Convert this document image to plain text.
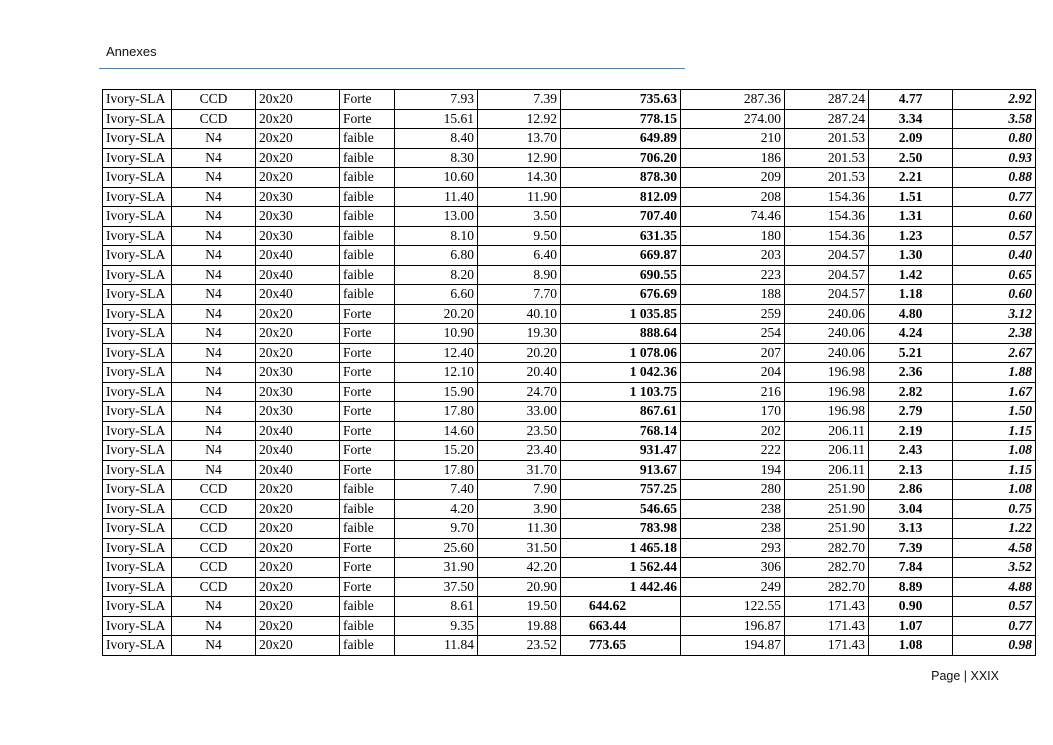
Annexes
Ivory-SLA	CCD	20x20	Forte	7.93	7.39	735.63	287.36	287.24	4.77	2.92
Ivory-SLA	CCD	20x20	Forte	15.61	12.92	778.15	274.00	287.24	3.34	3.58
Ivory-SLA	N4	20x20	faible	8.40	13.70	649.89	210	201.53	2.09	0.80
Ivory-SLA	N4	20x20	faible	8.30	12.90	706.20	186	201.53	2.50	0.93
Ivory-SLA	N4	20x20	faible	10.60	14.30	878.30	209	201.53	2.21	0.88
Ivory-SLA	N4	20x30	faible	11.40	11.90	812.09	208	154.36	1.51	0.77
Ivory-SLA	N4	20x30	faible	13.00	3.50	707.40	74.46	154.36	1.31	0.60
Ivory-SLA	N4	20x30	faible	8.10	9.50	631.35	180	154.36	1.23	0.57
Ivory-SLA	N4	20x40	faible	6.80	6.40	669.87	203	204.57	1.30	0.40
Ivory-SLA	N4	20x40	faible	8.20	8.90	690.55	223	204.57	1.42	0.65
Ivory-SLA	N4	20x40	faible	6.60	7.70	676.69	188	204.57	1.18	0.60
Ivory-SLA	N4	20x20	Forte	20.20	40.10	1 035.85	259	240.06	4.80	3.12
Ivory-SLA	N4	20x20	Forte	10.90	19.30	888.64	254	240.06	4.24	2.38
Ivory-SLA	N4	20x20	Forte	12.40	20.20	1 078.06	207	240.06	5.21	2.67
Ivory-SLA	N4	20x30	Forte	12.10	20.40	1 042.36	204	196.98	2.36	1.88
Ivory-SLA	N4	20x30	Forte	15.90	24.70	1 103.75	216	196.98	2.82	1.67
Ivory-SLA	N4	20x30	Forte	17.80	33.00	867.61	170	196.98	2.79	1.50
Ivory-SLA	N4	20x40	Forte	14.60	23.50	768.14	202	206.11	2.19	1.15
Ivory-SLA	N4	20x40	Forte	15.20	23.40	931.47	222	206.11	2.43	1.08
Ivory-SLA	N4	20x40	Forte	17.80	31.70	913.67	194	206.11	2.13	1.15
Ivory-SLA	CCD	20x20	faible	7.40	7.90	757.25	280	251.90	2.86	1.08
Ivory-SLA	CCD	20x20	faible	4.20	3.90	546.65	238	251.90	3.04	0.75
Ivory-SLA	CCD	20x20	faible	9.70	11.30	783.98	238	251.90	3.13	1.22
Ivory-SLA	CCD	20x20	Forte	25.60	31.50	1 465.18	293	282.70	7.39	4.58
Ivory-SLA	CCD	20x20	Forte	31.90	42.20	1 562.44	306	282.70	7.84	3.52
Ivory-SLA	CCD	20x20	Forte	37.50	20.90	1 442.46	249	282.70	8.89	4.88
Ivory-SLA	N4	20x20	faible	8.61	19.50	644.62	122.55	171.43	0.90	0.57
Ivory-SLA	N4	20x20	faible	9.35	19.88	663.44	196.87	171.43	1.07	0.77
Ivory-SLA	N4	20x20	faible	11.84	23.52	773.65	194.87	171.43	1.08	0.98
Page | XXIX
